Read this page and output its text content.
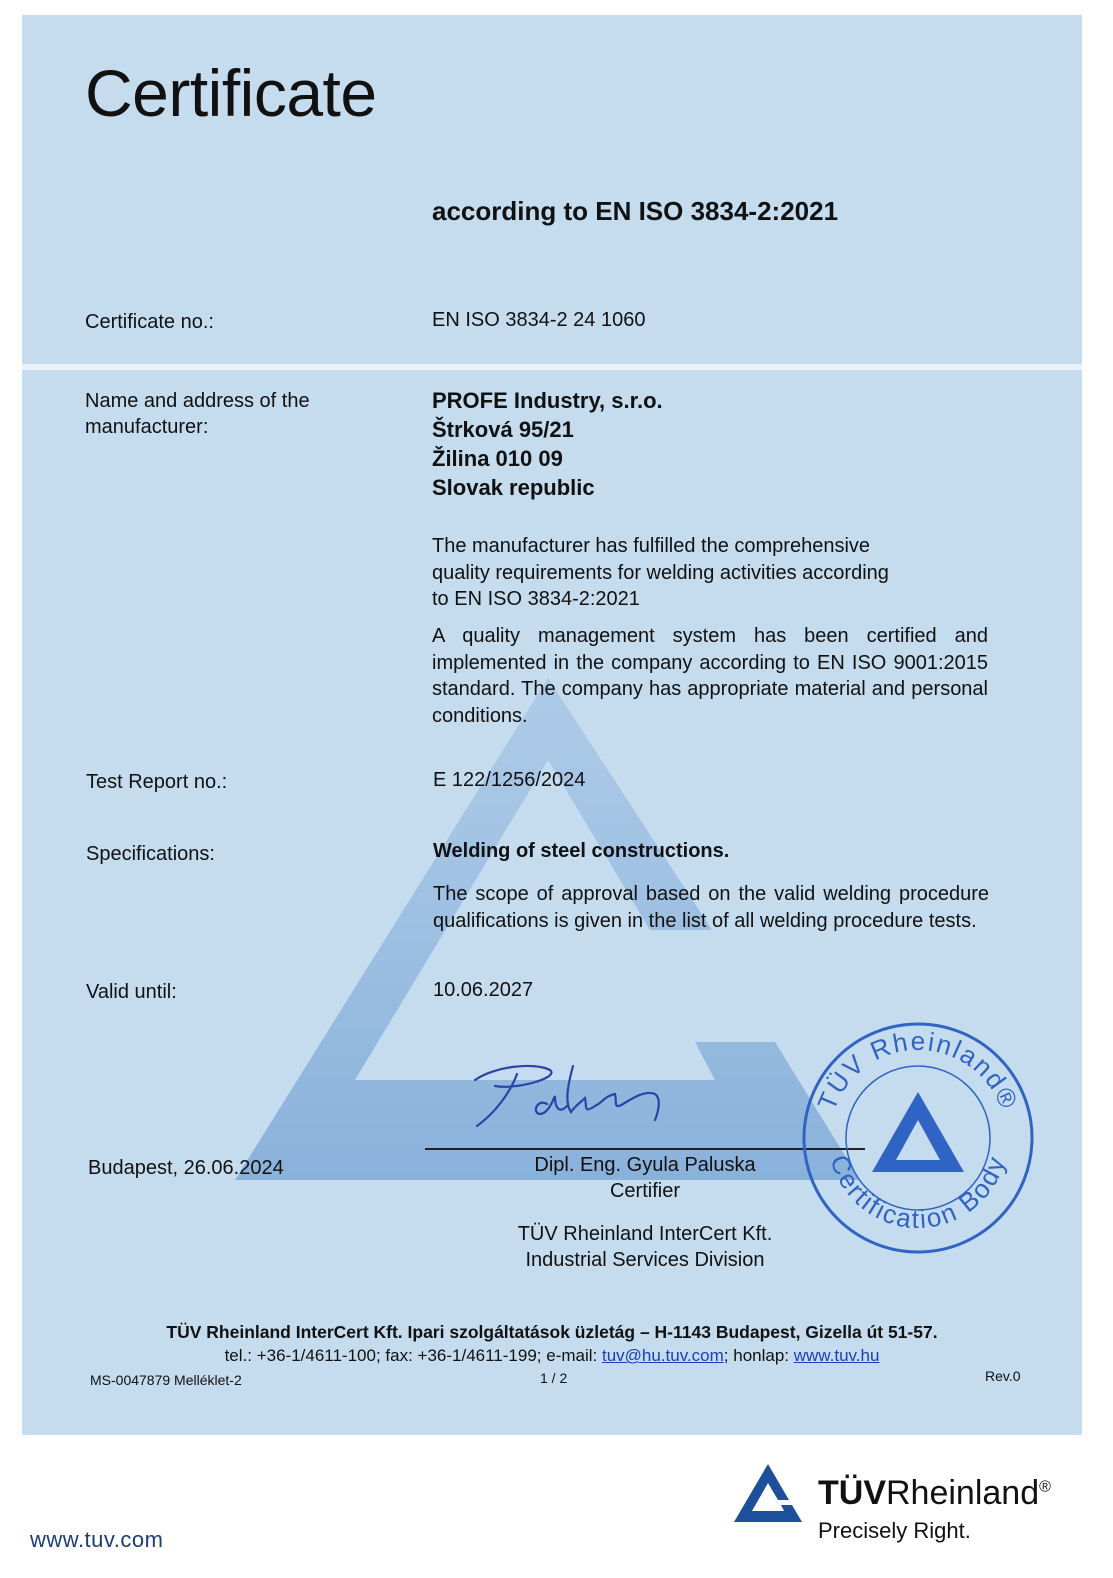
Certificate
according to EN ISO 3834-2:2021
Certificate no.:	EN ISO 3834-2 24 1060
Name and address of the
manufacturer:
PROFE Industry, s.r.o.
Štrková 95/21
Žilina 010 09
Slovak republic
The manufacturer has fulfilled the comprehensive
quality requirements for welding activities according
to EN ISO 3834-2:2021
A quality management system has been certified and implemented in the company according to EN ISO 9001:2015 standard. The company has appropriate material and personal conditions.
Test Report no.:	E 122/1256/2024
Specifications:	Welding of steel constructions.
The scope of approval based on the valid welding procedure qualifications is given in the list of all welding procedure tests.
Valid until:	10.06.2027
Budapest, 26.06.2024	Dipl. Eng. Gyula Paluska
Certifier
TÜV Rheinland InterCert Kft.
Industrial Services Division
TÜV Rheinland®
Certification Body
TÜV Rheinland InterCert Kft. Ipari szolgáltatások üzletág – H-1143 Budapest, Gizella út 51-57.
tel.: +36-1/4611-100; fax: +36-1/4611-199; e-mail: tuv@hu.tuv.com; honlap: www.tuv.hu
MS-0047879 Melléklet-2	1 / 2	Rev.0
www.tuv.com
TÜVRheinland®
Precisely Right.
